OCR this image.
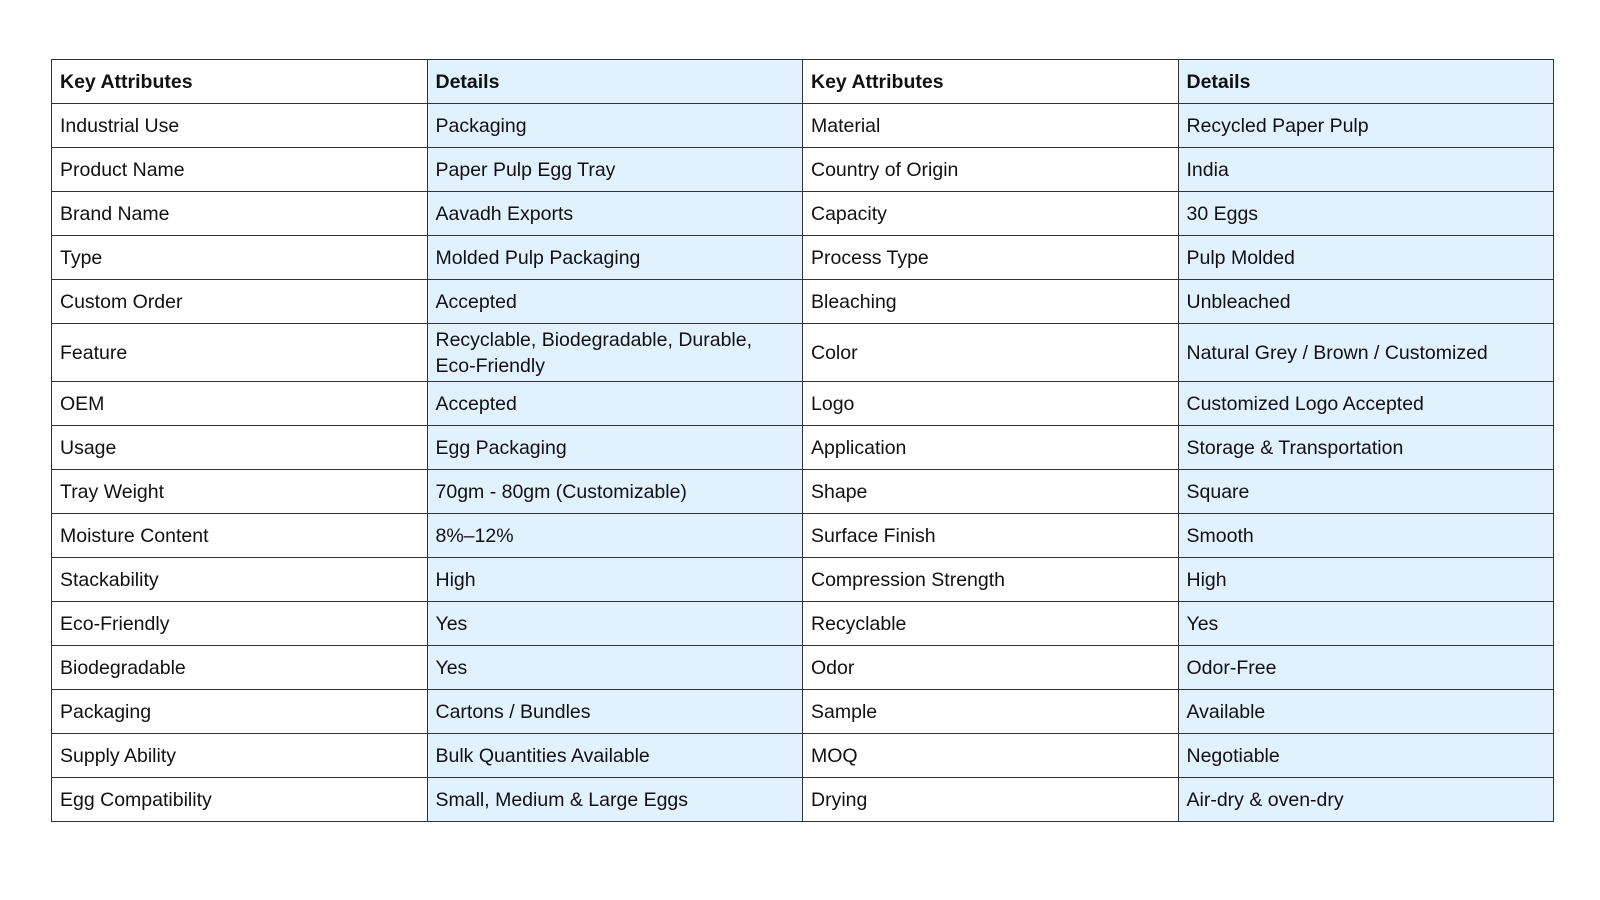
Key Attributes	Details	Key Attributes	Details
Industrial Use	Packaging	Material	Recycled Paper Pulp
Product Name	Paper Pulp Egg Tray	Country of Origin	India
Brand Name	Aavadh Exports	Capacity	30 Eggs
Type	Molded Pulp Packaging	Process Type	Pulp Molded
Custom Order	Accepted	Bleaching	Unbleached
Feature	Recyclable, Biodegradable, Durable, Eco-Friendly	Color	Natural Grey / Brown / Customized
OEM	Accepted	Logo	Customized Logo Accepted
Usage	Egg Packaging	Application	Storage & Transportation
Tray Weight	70gm - 80gm (Customizable)	Shape	Square
Moisture Content	8%–12%	Surface Finish	Smooth
Stackability	High	Compression Strength	High
Eco-Friendly	Yes	Recyclable	Yes
Biodegradable	Yes	Odor	Odor-Free
Packaging	Cartons / Bundles	Sample	Available
Supply Ability	Bulk Quantities Available	MOQ	Negotiable
Egg Compatibility	Small, Medium & Large Eggs	Drying	Air-dry & oven-dry
